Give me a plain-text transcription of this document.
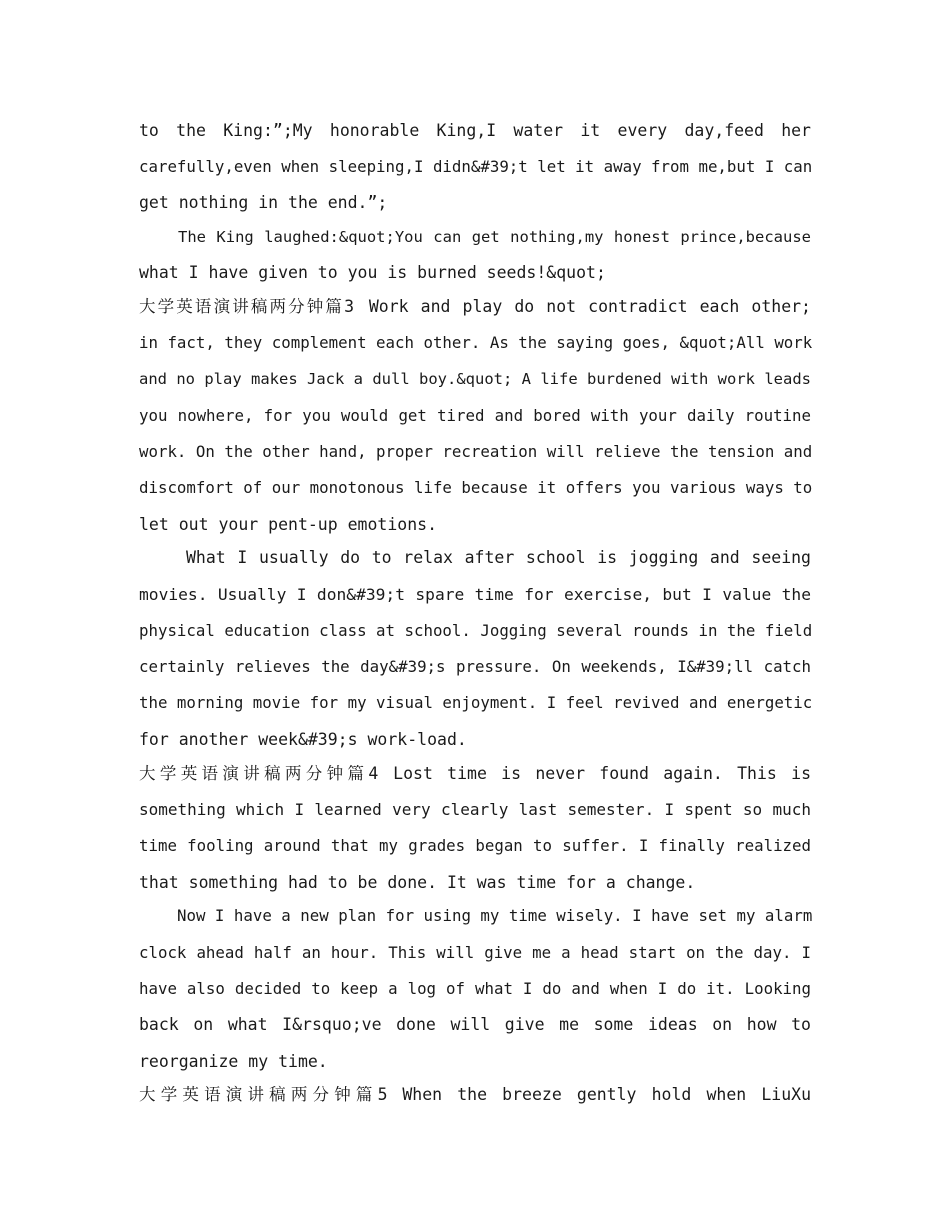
to the King:”;My honorable King,I water it every day,feed her
carefully,even when sleeping,I didn&#39;t let it away from me,but I can
get nothing in the end.”;
The King laughed:&quot;You can get nothing,my honest prince,because
what I have given to you is burned seeds!&quot;
大学英语演讲稿两分钟篇3 Work and play do not contradict each other;
in fact, they complement each other. As the saying goes, &quot;All work
and no play makes Jack a dull boy.&quot; A life burdened with work leads
you nowhere, for you would get tired and bored with your daily routine
work. On the other hand, proper recreation will relieve the tension and
discomfort of our monotonous life because it offers you various ways to
let out your pent-up emotions.
What I usually do to relax after school is jogging and seeing
movies. Usually I don&#39;t spare time for exercise, but I value the
physical education class at school. Jogging several rounds in the field
certainly relieves the day&#39;s pressure. On weekends, I&#39;ll catch
the morning movie for my visual enjoyment. I feel revived and energetic
for another week&#39;s work-load.
大学英语演讲稿两分钟篇4 Lost time is never found again. This is
something which I learned very clearly last semester. I spent so much
time fooling around that my grades began to suffer. I finally realized
that something had to be done. It was time for a change.
Now I have a new plan for using my time wisely. I have set my alarm
clock ahead half an hour. This will give me a head start on the day. I
have also decided to keep a log of what I do and when I do it. Looking
back on what I&rsquo;ve done will give me some ideas on how to
reorganize my time.
大学英语演讲稿两分钟篇5 When the breeze gently hold when LiuXu
